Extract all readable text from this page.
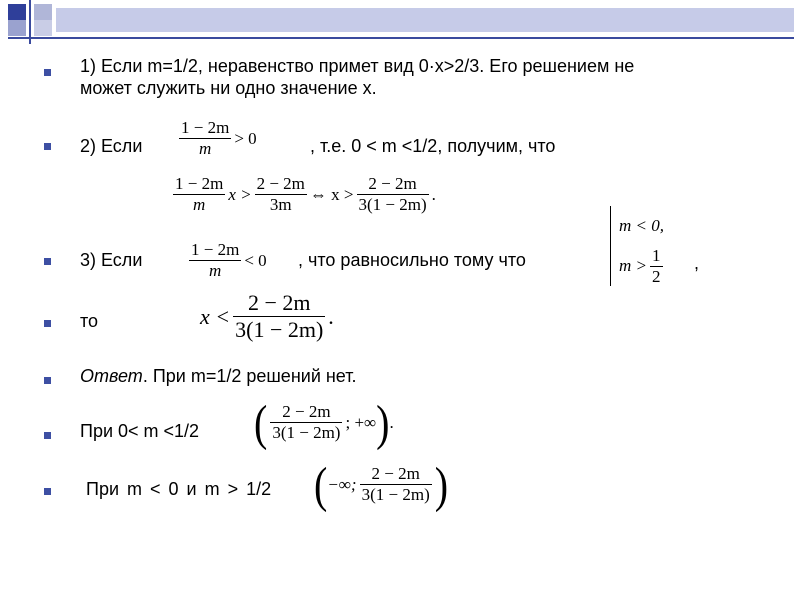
1) Если m=1/2, неравенство примет вид 0·x>2/3. Его решением не
может служить ни одно значение х.
2) Если $\frac{1 - 2m}{m} > 0$	, т.е. 0 < m <1/2, получим, что
$\frac{1 - 2m}{m}$ $x > \frac{2 - 2m}{3m}$ ⇔ $x > \frac{2 - 2m}{3(1 - 2m)}$ .
3) Если	$\frac{1 - 2m}{m} < 0$ , что равносильно тому что
m < 0,
$m > \frac{1}{2}$ ,
то	$x < \frac{2 - 2m}{3(1 - 2m)}$ .
Ответ. При m=1/2 решений нет.
При 0< m <1/2 ( $\frac{2 - 2m}{3(1 - 2m)}$ ; +∞ ) .
При m < 0 и m > 1/2 ( −∞; $\frac{2 - 2m}{3(1 - 2m)}$ )
